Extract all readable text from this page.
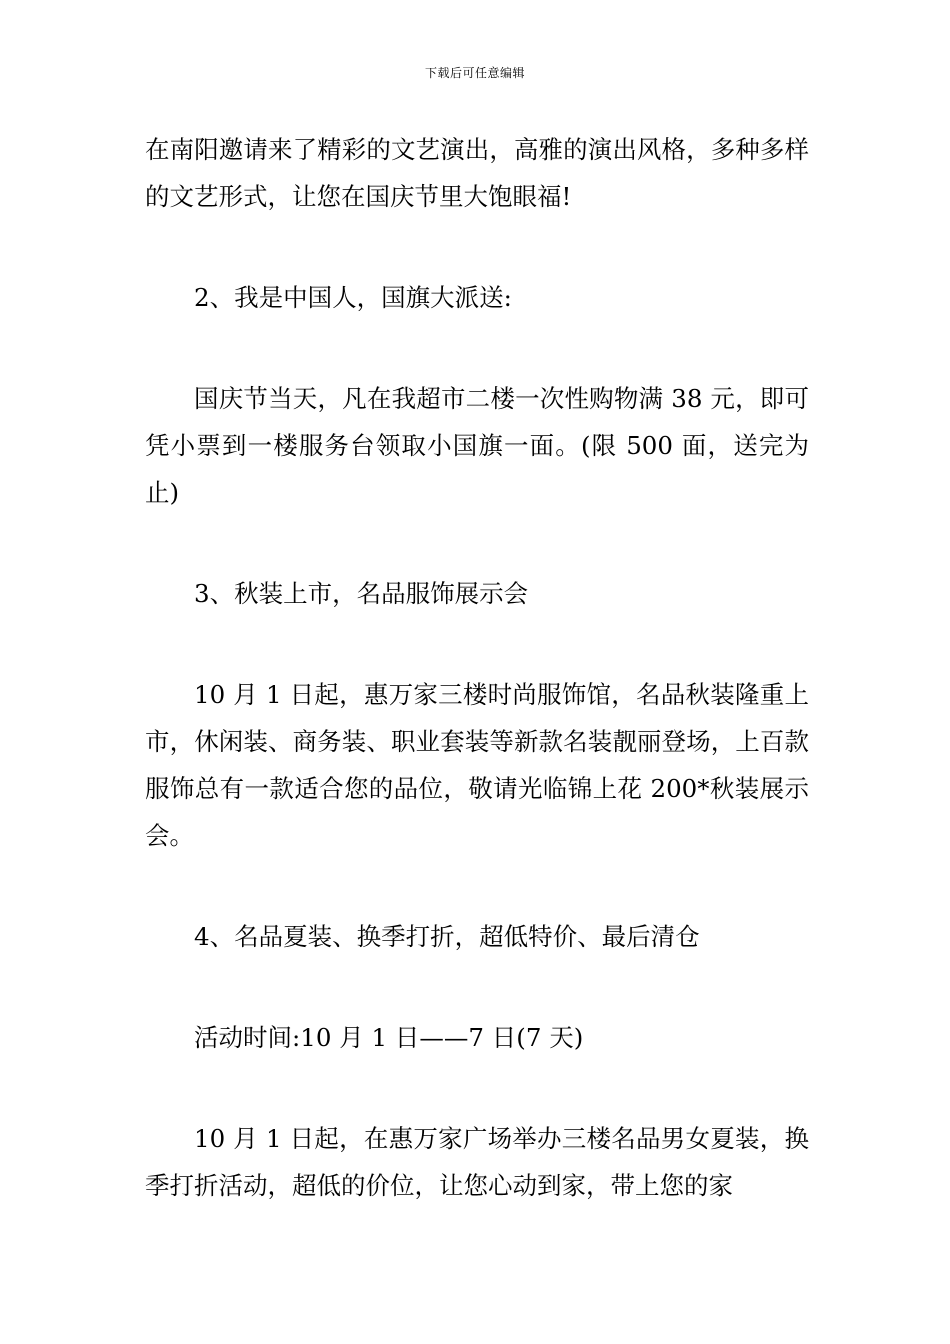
下载后可任意编辑

在南阳邀请来了精彩的文艺演出，高雅的演出风格，多种多样的文艺形式，让您在国庆节里大饱眼福!

2、我是中国人，国旗大派送:

国庆节当天，凡在我超市二楼一次性购物满 38 元，即可凭小票到一楼服务台领取小国旗一面。(限 500 面，送完为止)

3、秋装上市，名品服饰展示会

10 月 1 日起，惠万家三楼时尚服饰馆，名品秋装隆重上市，休闲装、商务装、职业套装等新款名装靓丽登场，上百款服饰总有一款适合您的品位，敬请光临锦上花 200*秋装展示会。

4、名品夏装、换季打折，超低特价、最后清仓

活动时间:10 月 1 日——7 日(7 天)

10 月 1 日起，在惠万家广场举办三楼名品男女夏装，换季打折活动，超低的价位，让您心动到家，带上您的家
